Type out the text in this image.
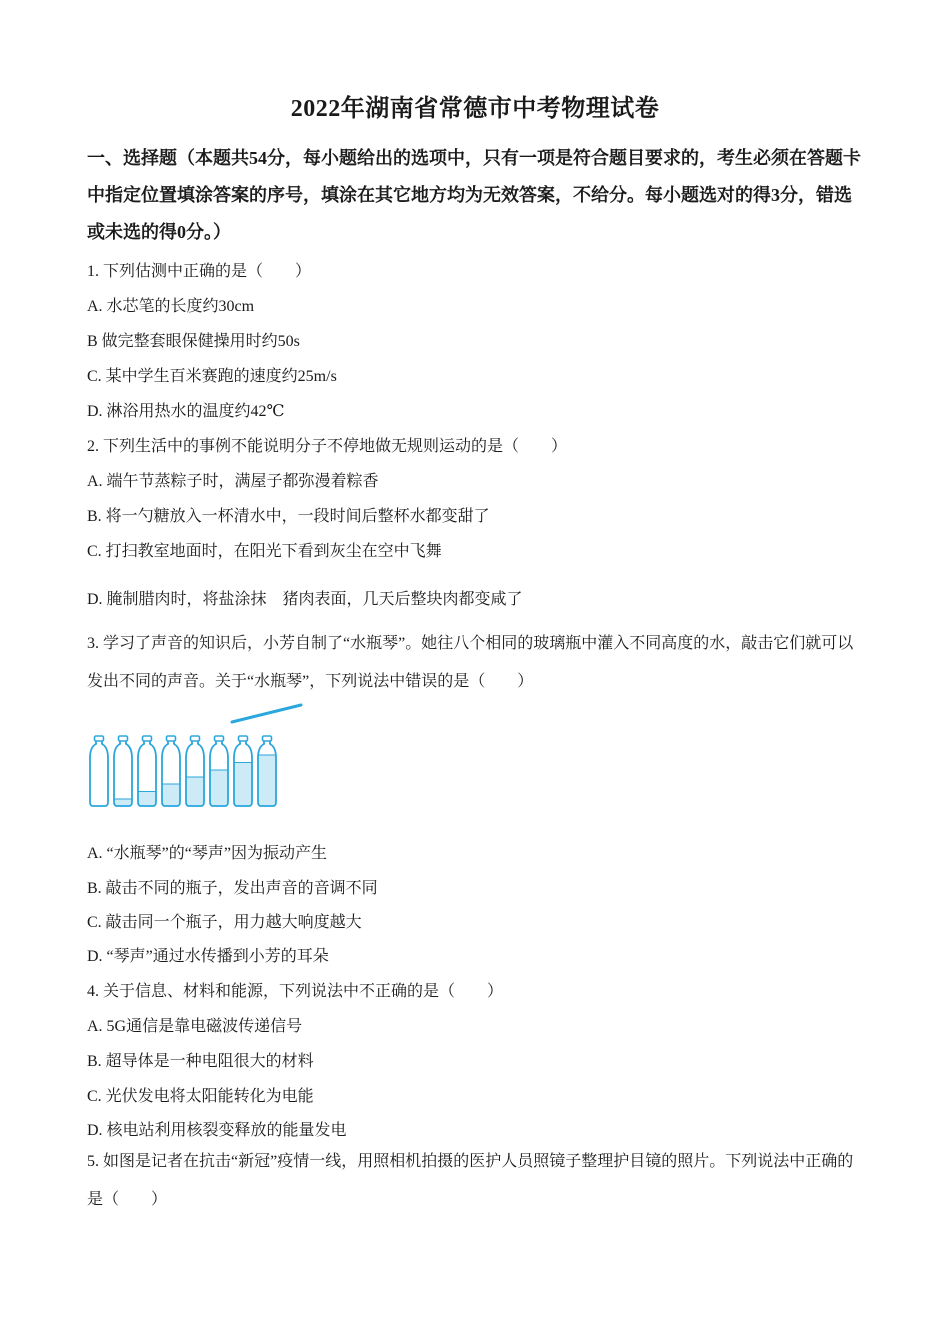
2022年湖南省常德市中考物理试卷

一、选择题（本题共54分，每小题给出的选项中，只有一项是符合题目要求的，考生必须在答题卡中指定位置填涂答案的序号，填涂在其它地方均为无效答案，不给分。每小题选对的得3分，错选或未选的得0分。）

1. 下列估测中正确的是（　　）

A. 水芯笔的长度约30cm

B 做完整套眼保健操用时约50s

C. 某中学生百米赛跑的速度约25m/s

D. 淋浴用热水的温度约42℃

2. 下列生活中的事例不能说明分子不停地做无规则运动的是（　　）

A. 端午节蒸粽子时，满屋子都弥漫着粽香

B. 将一勺糖放入一杯清水中，一段时间后整杯水都变甜了

C. 打扫教室地面时，在阳光下看到灰尘在空中飞舞

D. 腌制腊肉时，将盐涂抹　猪肉表面，几天后整块肉都变咸了

3. 学习了声音的知识后，小芳自制了“水瓶琴”。她往八个相同的玻璃瓶中灌入不同高度的水，敲击它们就可以发出不同的声音。关于“水瓶琴”，下列说法中错误的是（　　）

A. “水瓶琴”的“琴声”因为振动产生

B. 敲击不同的瓶子，发出声音的音调不同

C. 敲击同一个瓶子，用力越大响度越大

D. “琴声”通过水传播到小芳的耳朵

4. 关于信息、材料和能源，下列说法中不正确的是（　　）

A. 5G通信是靠电磁波传递信号

B. 超导体是一种电阻很大的材料

C. 光伏发电将太阳能转化为电能

D. 核电站利用核裂变释放的能量发电

5. 如图是记者在抗击“新冠”疫情一线，用照相机拍摄的医护人员照镜子整理护目镜的照片。下列说法中正确的是（　　）
